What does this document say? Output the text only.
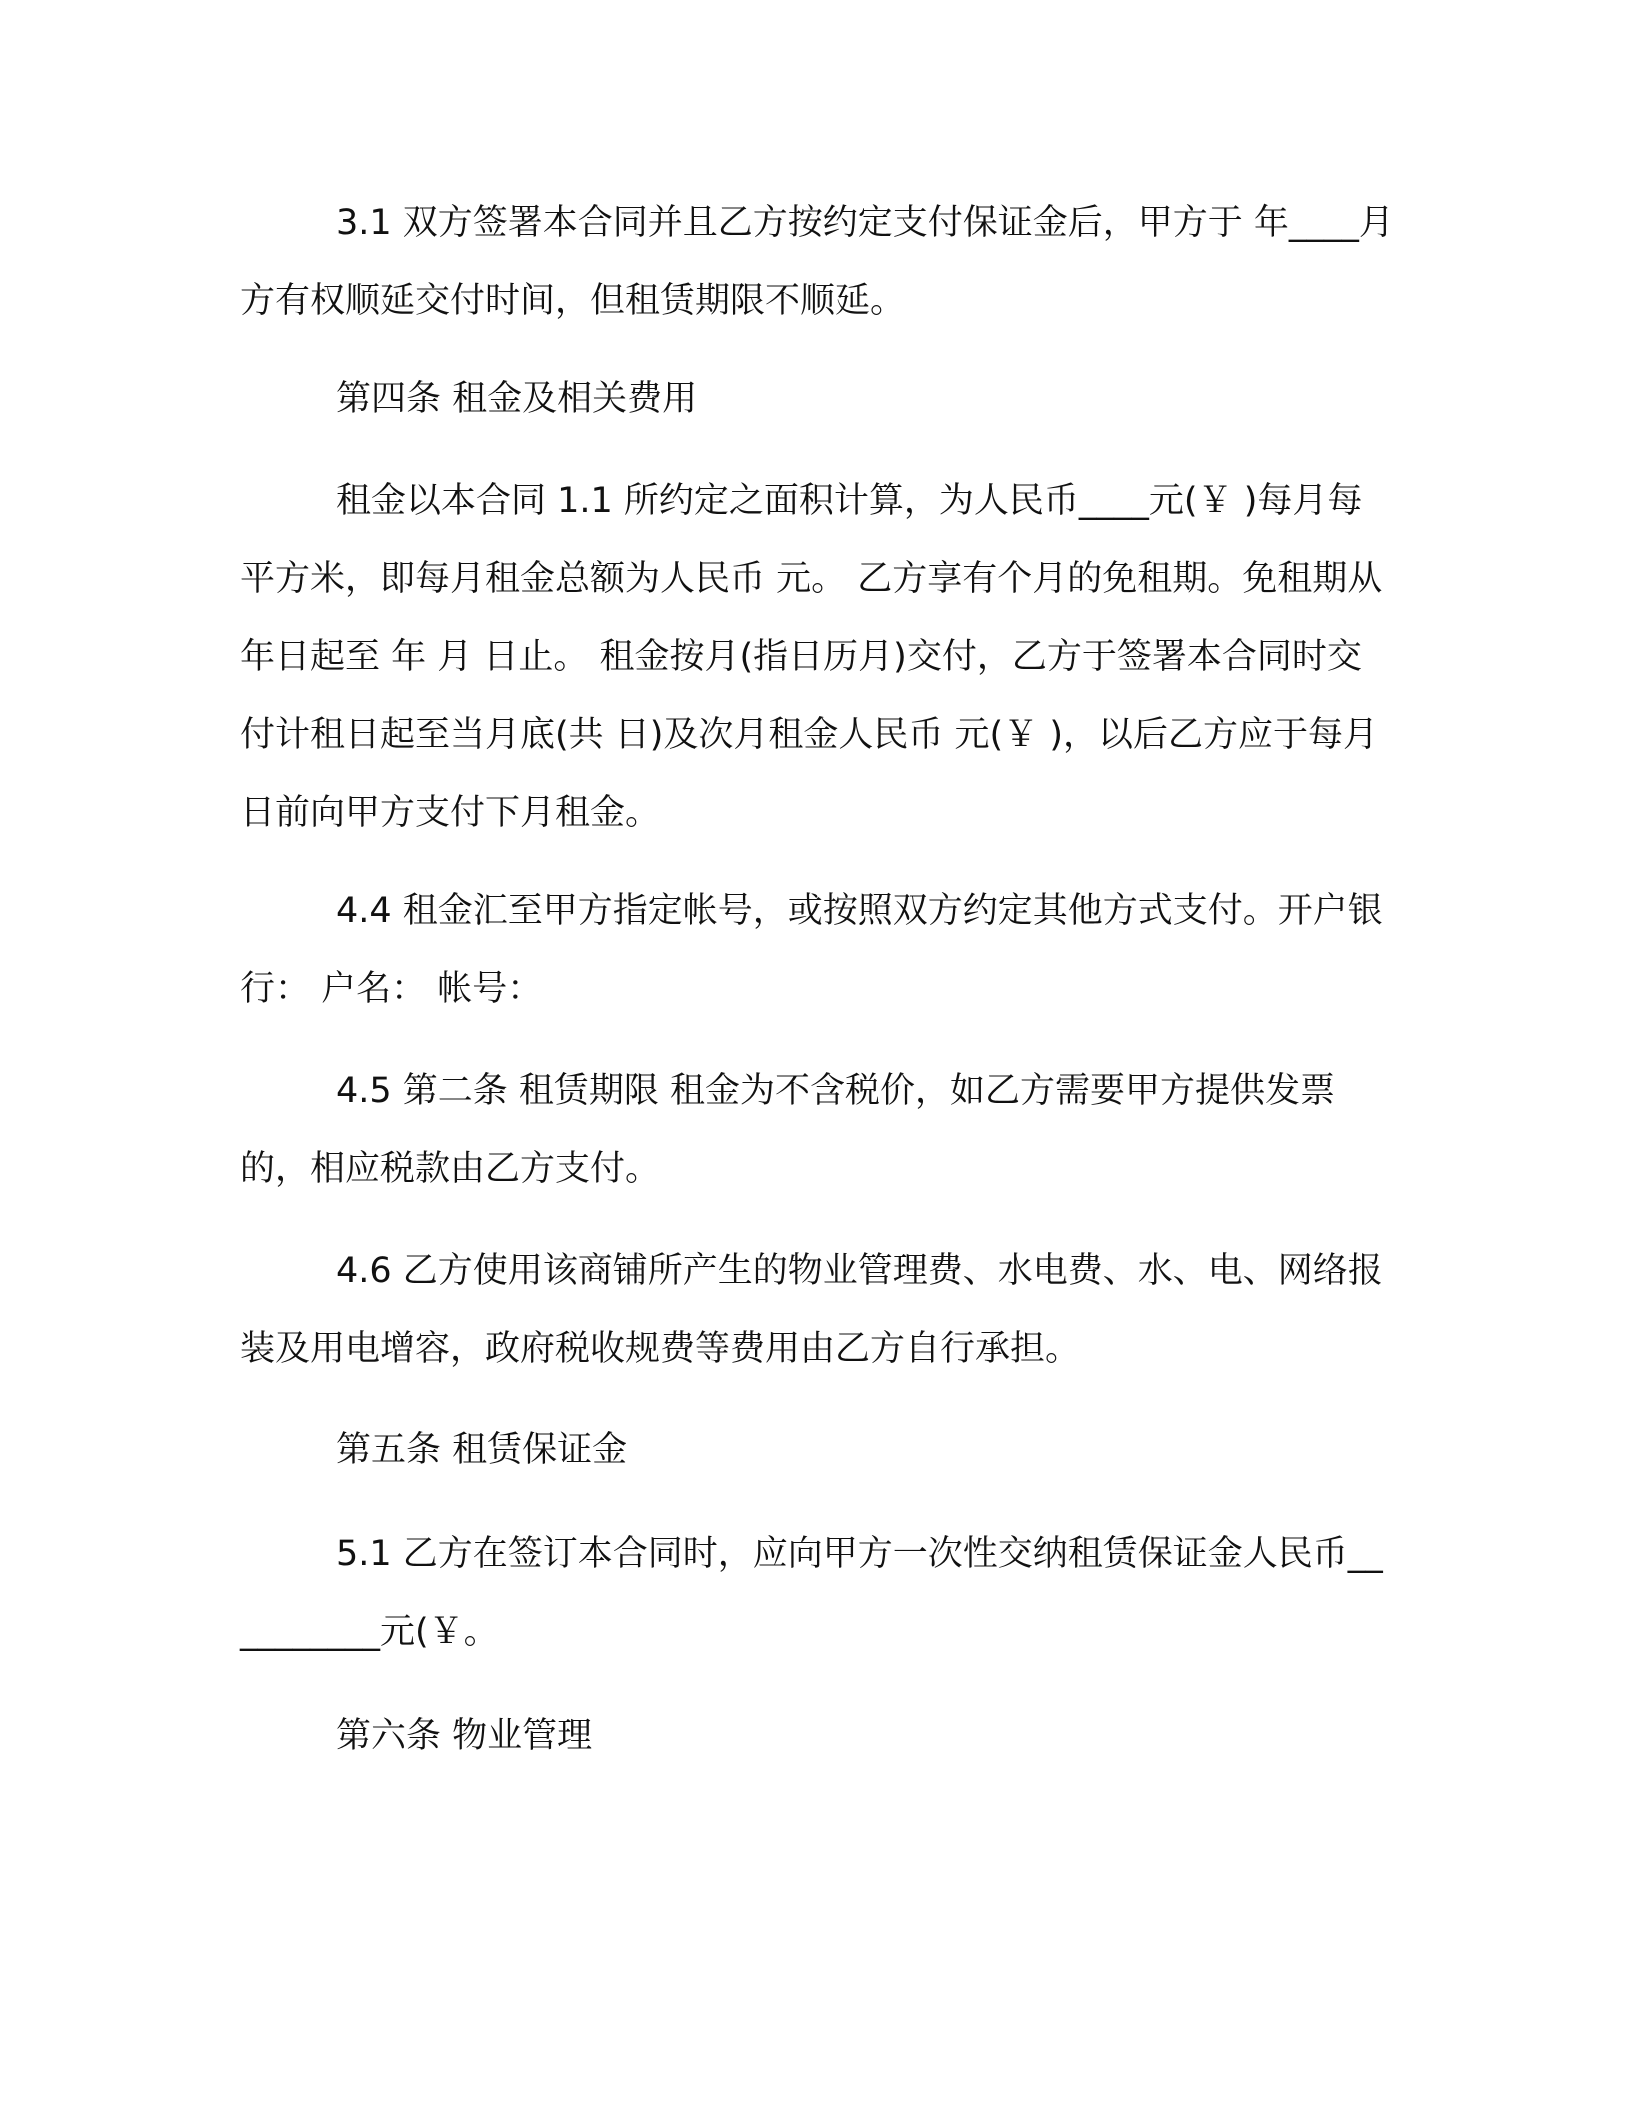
3.1 双方签署本合同并且乙方按约定支付保证金后，甲方于 年____月方有权顺延交付时间，但租赁期限不顺延。

第四条 租金及相关费用

租金以本合同 1.1 所约定之面积计算，为人民币____元(￥ )每月每平方米，即每月租金总额为人民币 元。 乙方享有个月的免租期。免租期从年日起至 年 月 日止。 租金按月(指日历月)交付，乙方于签署本合同时交付计租日起至当月底(共 日)及次月租金人民币 元(￥ )，以后乙方应于每月 日前向甲方支付下月租金。

4.4 租金汇至甲方指定帐号，或按照双方约定其他方式支付。开户银行： 户名： 帐号：

4.5 第二条 租赁期限 租金为不含税价，如乙方需要甲方提供发票的，相应税款由乙方支付。

4.6 乙方使用该商铺所产生的物业管理费、水电费、水、电、网络报装及用电增容，政府税收规费等费用由乙方自行承担。

第五条 租赁保证金

5.1 乙方在签订本合同时，应向甲方一次性交纳租赁保证金人民币__________元(￥。

第六条 物业管理
